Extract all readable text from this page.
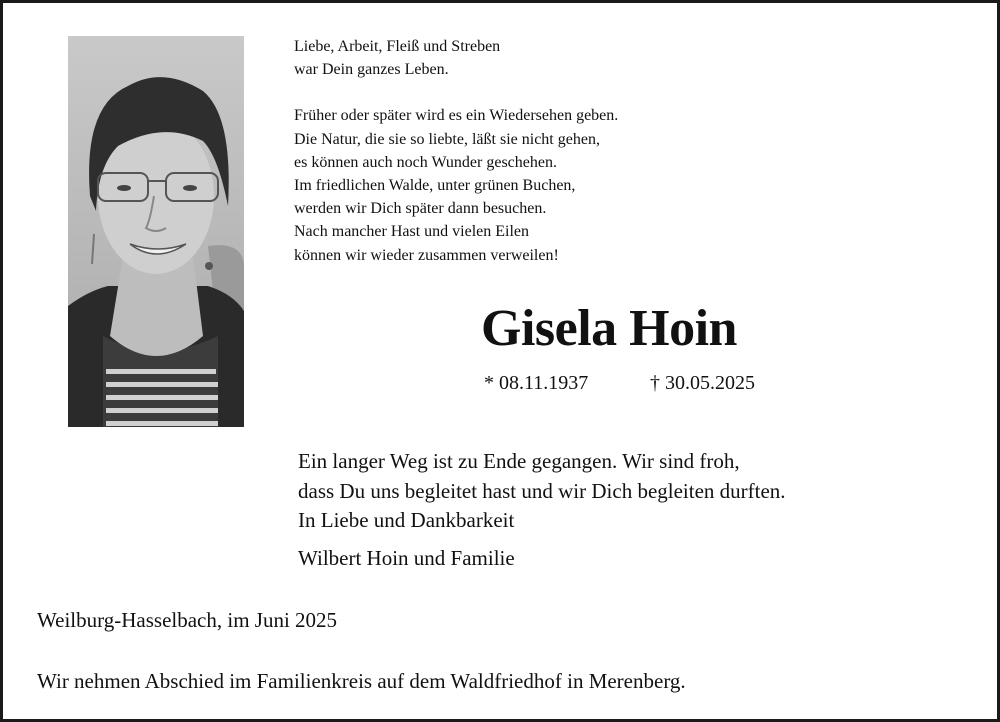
Liebe, Arbeit, Fleiß und Streben
war Dein ganzes Leben.
Früher oder später wird es ein Wiedersehen geben.
Die Natur, die sie so liebte, läßt sie nicht gehen,
es können auch noch Wunder geschehen.
Im friedlichen Walde, unter grünen Buchen,
werden wir Dich später dann besuchen.
Nach mancher Hast und vielen Eilen
können wir wieder zusammen verweilen!
Gisela Hoin
* 08.11.1937	† 30.05.2025
Ein langer Weg ist zu Ende gegangen. Wir sind froh,
dass Du uns begleitet hast und wir Dich begleiten durften.
In Liebe und Dankbarkeit
Wilbert Hoin und Familie
Weilburg-Hasselbach, im Juni 2025
Wir nehmen Abschied im Familienkreis auf dem Waldfriedhof in Merenberg.
